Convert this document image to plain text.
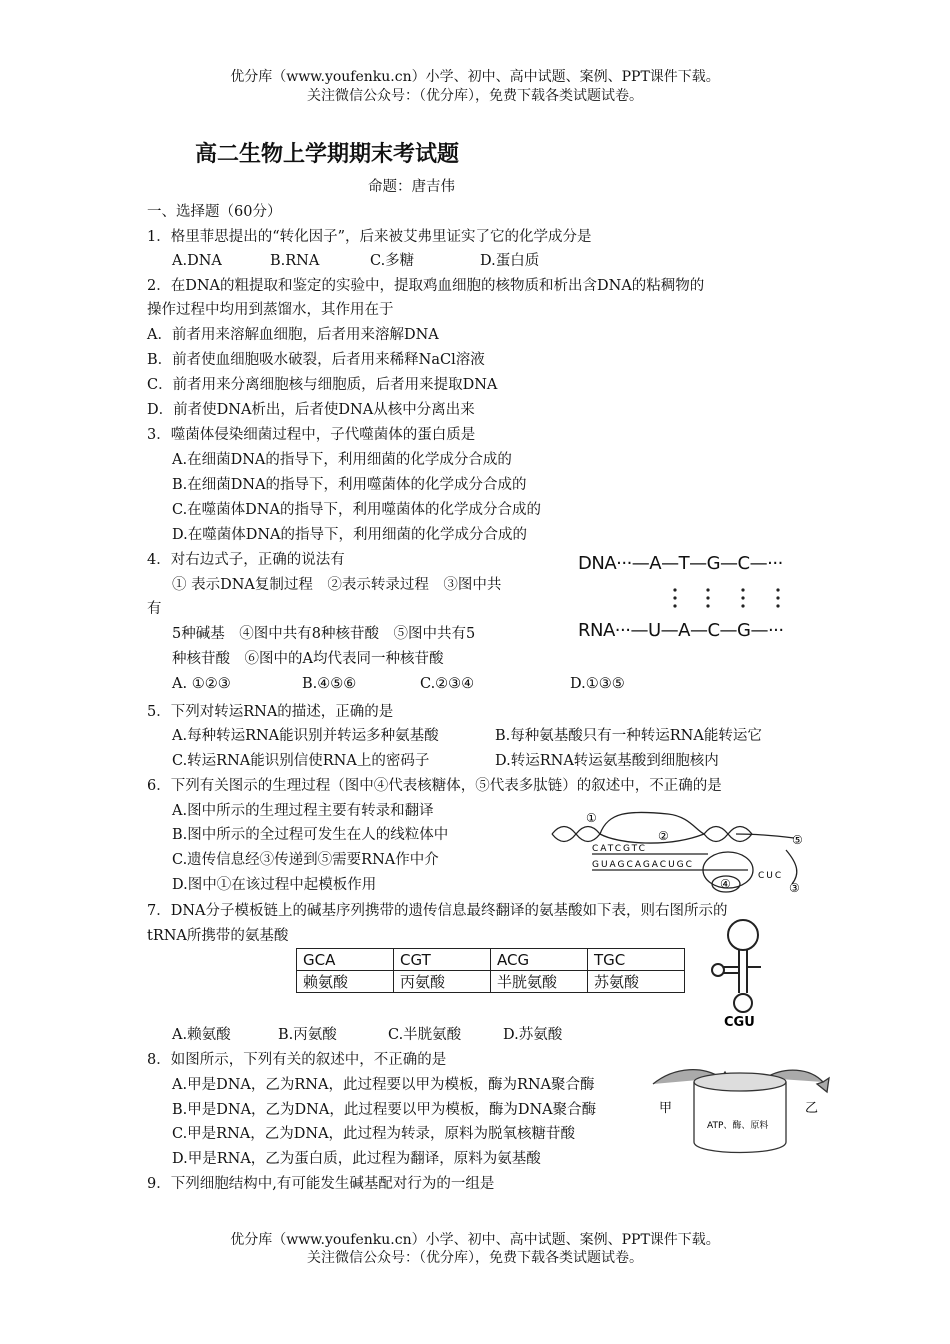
优分库（www.youfenku.cn）小学、初中、高中试题、案例、PPT课件下载。
关注微信公众号：（优分库），免费下载各类试题试卷。
高二生物上学期期末考试题
命题：唐吉伟
一、选择题（60分）
1．格里菲思提出的“转化因子”，后来被艾弗里证实了它的化学成分是
A.DNA	B.RNA	C.多糖	D.蛋白质
2．在DNA的粗提取和鉴定的实验中，提取鸡血细胞的核物质和析出含DNA的粘稠物的
操作过程中均用到蒸馏水，其作用在于
A．前者用来溶解血细胞，后者用来溶解DNA
B．前者使血细胞吸水破裂，后者用来稀释NaCl溶液
C．前者用来分离细胞核与细胞质，后者用来提取DNA
D．前者使DNA析出，后者使DNA从核中分离出来
3．噬菌体侵染细菌过程中，子代噬菌体的蛋白质是
A.在细菌DNA的指导下，利用细菌的化学成分合成的
B.在细菌DNA的指导下，利用噬菌体的化学成分合成的
C.在噬菌体DNA的指导下，利用噬菌体的化学成分合成的
D.在噬菌体DNA的指导下，利用细菌的化学成分合成的
4．对右边式子，正确的说法有
① 表示DNA复制过程　②表示转录过程　③图中共
有
5种碱基　④图中共有8种核苷酸　⑤图中共有5
种核苷酸　⑥图中的A均代表同一种核苷酸
A. ①②③	B.④⑤⑥	C.②③④	D.①③⑤
DNA···—A—T—G—C—···
RNA···—U—A—C—G—···
5．下列对转运RNA的描述，正确的是
A.每种转运RNA能识别并转运多种氨基酸	B.每种氨基酸只有一种转运RNA能转运它
C.转运RNA能识别信使RNA上的密码子	D.转运RNA转运氨基酸到细胞核内
6．下列有关图示的生理过程（图中④代表核糖体，⑤代表多肽链）的叙述中，不正确的是
A.图中所示的生理过程主要有转录和翻译
B.图中所示的全过程可发生在人的线粒体中
C.遗传信息经③传递到⑤需要RNA作中介
D.图中①在该过程中起模板作用
CATCGTC
GUAGCAGACUGC
CUC
①
②
③
④
⑤
7．DNA分子模板链上的碱基序列携带的遗传信息最终翻译的氨基酸如下表，则右图所示的
tRNA所携带的氨基酸
GCA	CGT	ACG	TGC
赖氨酸	丙氨酸	半胱氨酸	苏氨酸
CGU
A.赖氨酸	B.丙氨酸	C.半胱氨酸	D.苏氨酸
8．如图所示，下列有关的叙述中，不正确的是
A.甲是DNA，乙为RNA，此过程要以甲为模板，酶为RNA聚合酶
B.甲是DNA，乙为DNA，此过程要以甲为模板，酶为DNA聚合酶
C.甲是RNA，乙为DNA，此过程为转录，原料为脱氧核糖苷酸
D.甲是RNA，乙为蛋白质，此过程为翻译，原料为氨基酸
甲	乙
ATP、酶、原料
9．下列细胞结构中,有可能发生碱基配对行为的一组是
优分库（www.youfenku.cn）小学、初中、高中试题、案例、PPT课件下载。
关注微信公众号：（优分库），免费下载各类试题试卷。
